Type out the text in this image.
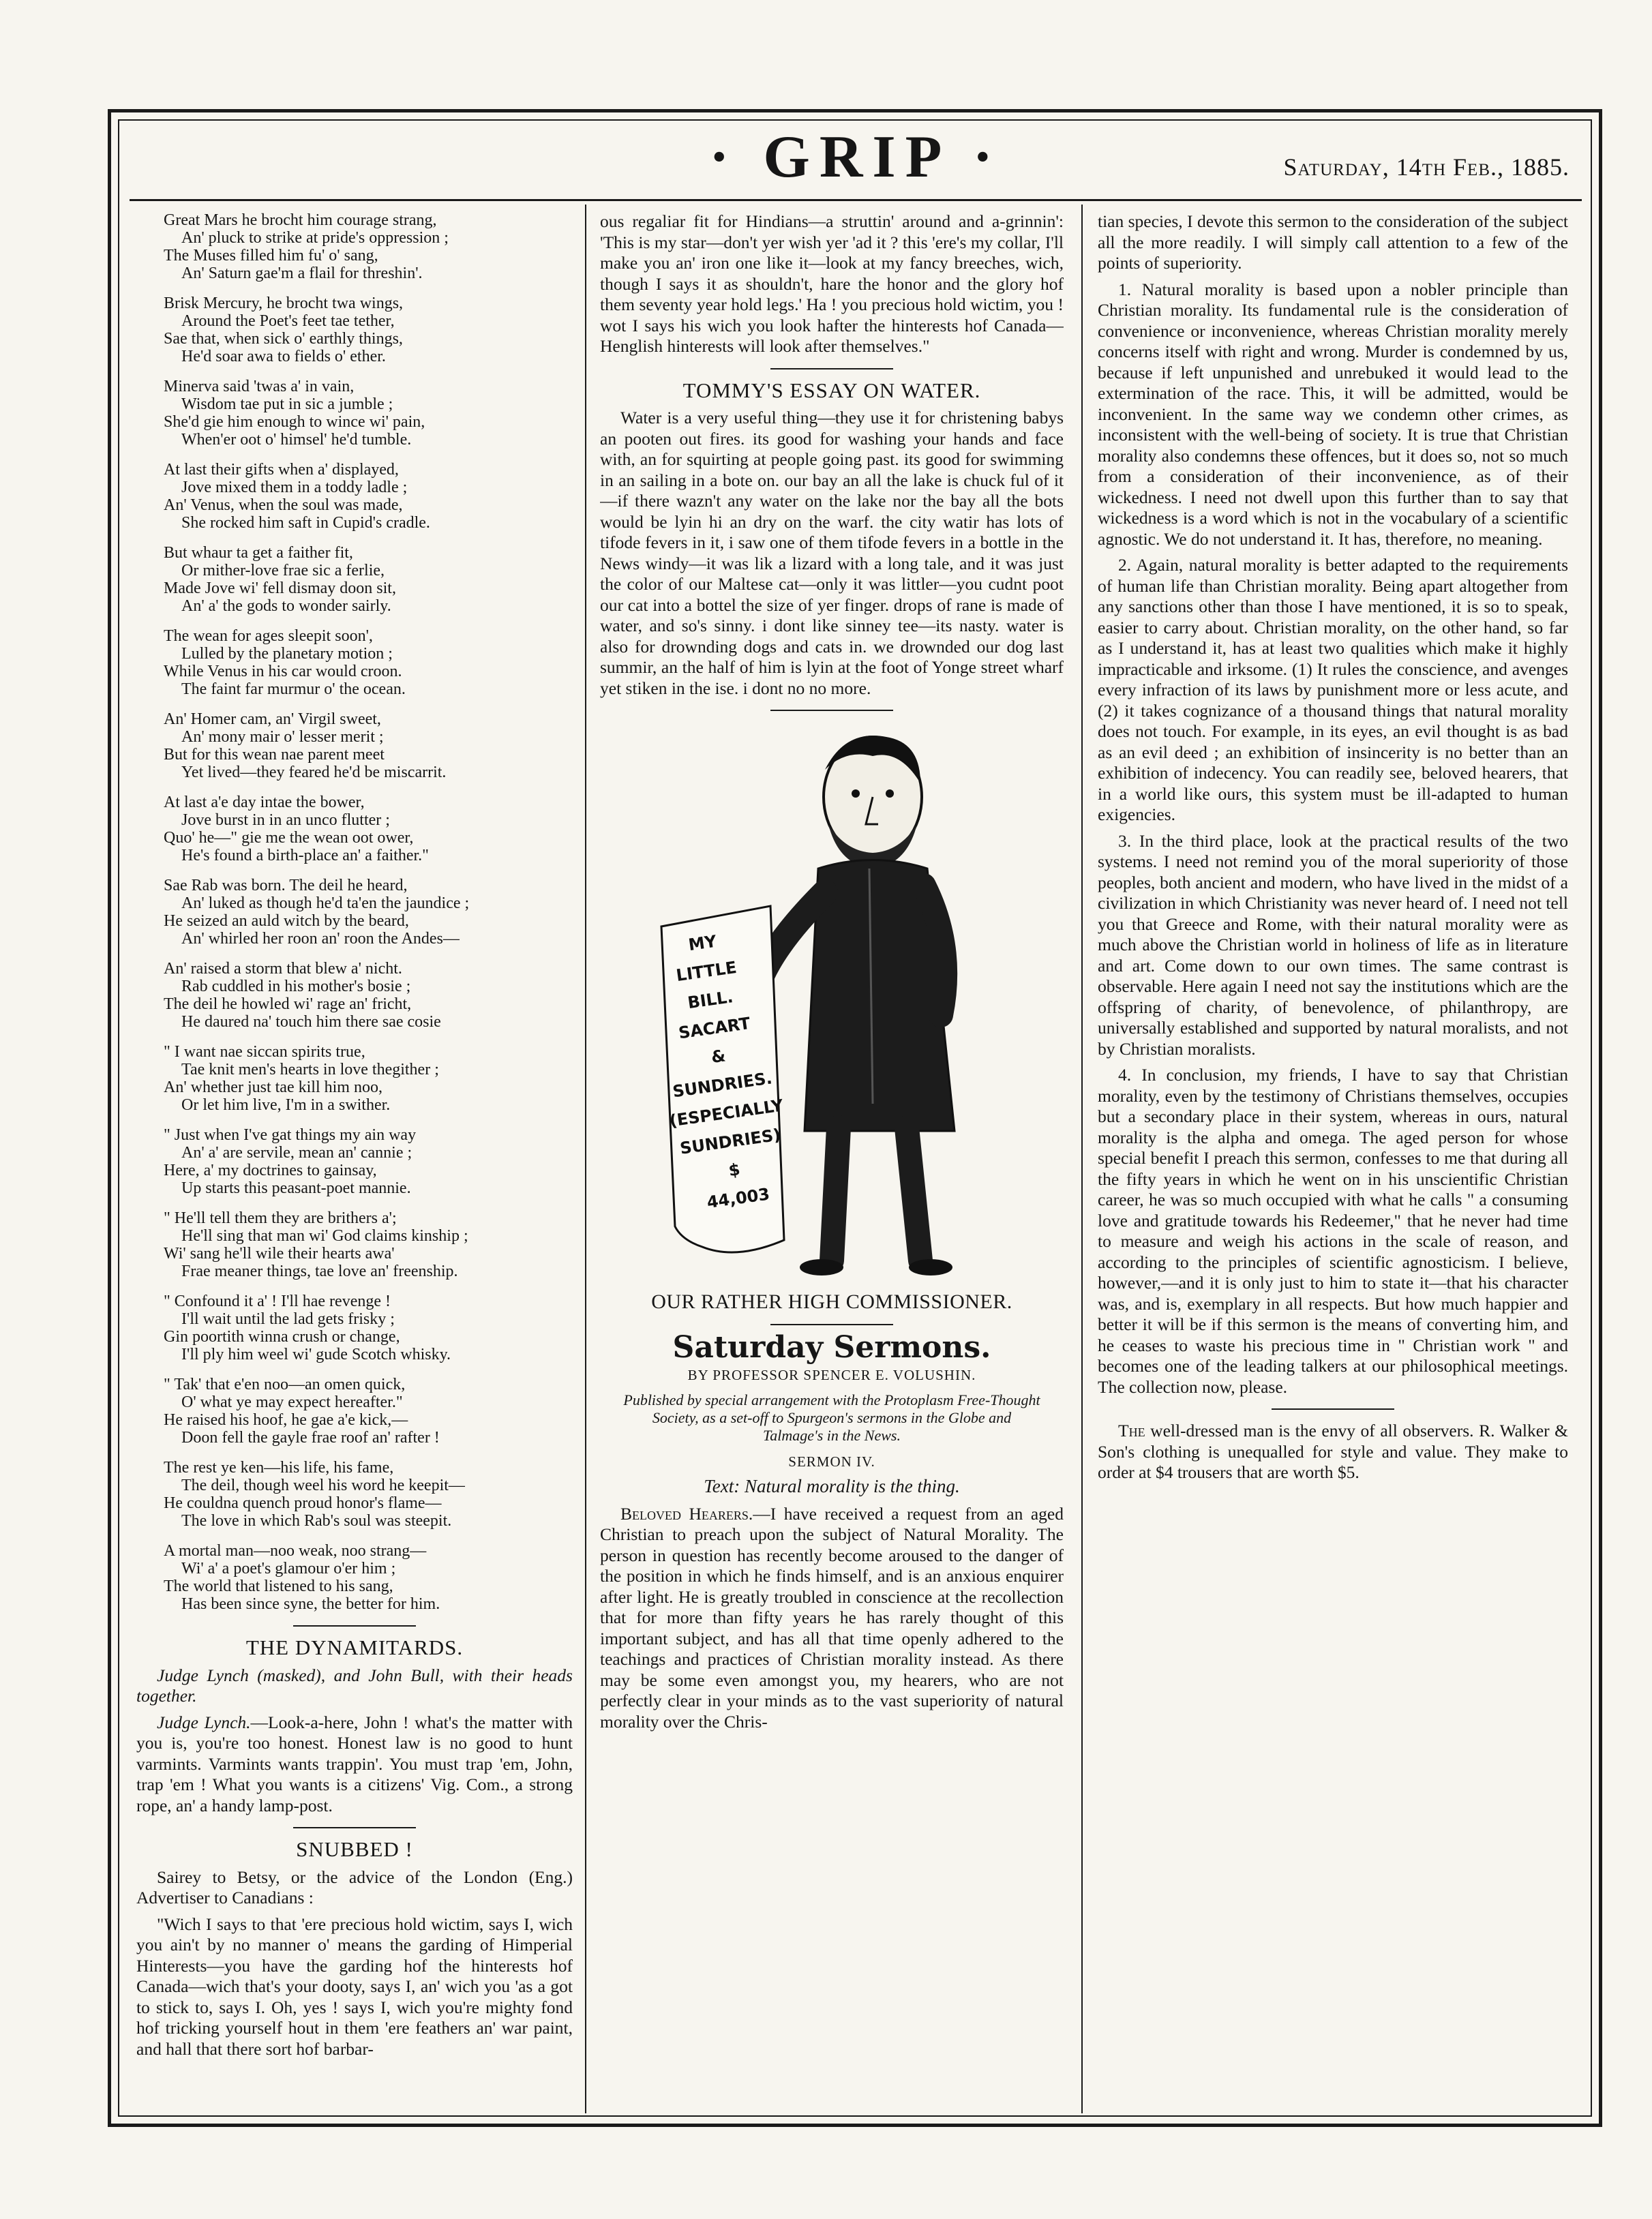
· GRIP ·	Saturday, 14th Feb., 1885.
Great Mars he brocht him courage strang,
An' pluck to strike at pride's oppression ;
The Muses filled him fu' o' sang,
An' Saturn gae'm a flail for threshin'.
Brisk Mercury, he brocht twa wings,
Around the Poet's feet tae tether,
Sae that, when sick o' earthly things,
He'd soar awa to fields o' ether.
Minerva said 'twas a' in vain,
Wisdom tae put in sic a jumble ;
She'd gie him enough to wince wi' pain,
When'er oot o' himsel' he'd tumble.
At last their gifts when a' displayed,
Jove mixed them in a toddy ladle ;
An' Venus, when the soul was made,
She rocked him saft in Cupid's cradle.
But whaur ta get a faither fit,
Or mither-love frae sic a ferlie,
Made Jove wi' fell dismay doon sit,
An' a' the gods to wonder sairly.
The wean for ages sleepit soon',
Lulled by the planetary motion ;
While Venus in his car would croon.
The faint far murmur o' the ocean.
An' Homer cam, an' Virgil sweet,
An' mony mair o' lesser merit ;
But for this wean nae parent meet
Yet lived—they feared he'd be miscarrit.
At last a'e day intae the bower,
Jove burst in in an unco flutter ;
Quo' he—" gie me the wean oot ower,
He's found a birth-place an' a faither."
Sae Rab was born. The deil he heard,
An' luked as though he'd ta'en the jaundice ;
He seized an auld witch by the beard,
An' whirled her roon an' roon the Andes—
An' raised a storm that blew a' nicht.
Rab cuddled in his mother's bosie ;
The deil he howled wi' rage an' fricht,
He daured na' touch him there sae cosie
" I want nae siccan spirits true,
Tae knit men's hearts in love thegither ;
An' whether just tae kill him noo,
Or let him live, I'm in a swither.
" Just when I've gat things my ain way
An' a' are servile, mean an' cannie ;
Here, a' my doctrines to gainsay,
Up starts this peasant-poet mannie.
" He'll tell them they are brithers a';
He'll sing that man wi' God claims kinship ;
Wi' sang he'll wile their hearts awa'
Frae meaner things, tae love an' freenship.
" Confound it a' ! I'll hae revenge !
I'll wait until the lad gets frisky ;
Gin poortith winna crush or change,
I'll ply him weel wi' gude Scotch whisky.
" Tak' that e'en noo—an omen quick,
O' what ye may expect hereafter."
He raised his hoof, he gae a'e kick,—
Doon fell the gayle frae roof an' rafter !
The rest ye ken—his life, his fame,
The deil, though weel his word he keepit—
He couldna quench proud honor's flame—
The love in which Rab's soul was steepit.
A mortal man—noo weak, noo strang—
Wi' a' a poet's glamour o'er him ;
The world that listened to his sang,
Has been since syne, the better for him.
THE DYNAMITARDS.

Judge Lynch (masked), and John Bull, with their heads together.

Judge Lynch.—Look-a-here, John ! what's the matter with you is, you're too honest. Honest law is no good to hunt varmints. Varmints wants trappin'. You must trap 'em, John, trap 'em ! What you wants is a citizens' Vig. Com., a strong rope, an' a handy lamp-post.

SNUBBED !

Sairey to Betsy, or the advice of the London (Eng.) Advertiser to Canadians :

"Wich I says to that 'ere precious hold wictim, says I, wich you ain't by no manner o' means the garding of Himperial Hinterests—you have the garding hof the hinterests hof Canada—wich that's your dooty, says I, an' wich you 'as a got to stick to, says I. Oh, yes ! says I, wich you're mighty fond hof tricking yourself hout in them 'ere feathers an' war paint, and hall that there sort hof barbar-

ous regaliar fit for Hindians—a struttin' around and a-grinnin': 'This is my star—don't yer wish yer 'ad it ? this 'ere's my collar, I'll make you an' iron one like it—look at my fancy breeches, wich, though I says it as shouldn't, hare the honor and the glory hof them seventy year hold legs.' Ha ! you precious hold wictim, you ! wot I says his wich you look hafter the hinterests hof Canada—Henglish hinterests will look after themselves."

TOMMY'S ESSAY ON WATER.

Water is a very useful thing—they use it for christening babys an pooten out fires. its good for washing your hands and face with, an for squirting at people going past. its good for swimming in an sailing in a bote on. our bay an all the lake is chuck ful of it—if there wazn't any water on the lake nor the bay all the bots would be lyin hi an dry on the warf. the city watir has lots of tifode fevers in it, i saw one of them tifode fevers in a bottle in the News windy—it was lik a lizard with a long tale, and it was just the color of our Maltese cat—only it was littler—you cudnt poot our cat into a bottel the size of yer finger. drops of rane is made of water, and so's sinny. i dont like sinney tee—its nasty. water is also for drownding dogs and cats in. we drownded our dog last summir, an the half of him is lyin at the foot of Yonge street wharf yet stiken in the ise. i dont no no more.

MY
LITTLE
BILL.
SACART
&
SUNDRIES.
(ESPECIALLY
SUNDRIES)
$
44,003
OUR RATHER HIGH COMMISSIONER.
Saturday Sermons.
BY PROFESSOR SPENCER E. VOLUSHIN.
Published by special arrangement with the Protoplasm Free-Thought Society, as a set-off to Spurgeon's sermons in the Globe and Talmage's in the News.
SERMON IV.
Text: Natural morality is the thing.

Beloved Hearers.—I have received a request from an aged Christian to preach upon the subject of Natural Morality. The person in question has recently become aroused to the danger of the position in which he finds himself, and is an anxious enquirer after light. He is greatly troubled in conscience at the recollection that for more than fifty years he has rarely thought of this important subject, and has all that time openly adhered to the teachings and practices of Christian morality instead. As there may be some even amongst you, my hearers, who are not perfectly clear in your minds as to the vast superiority of natural morality over the Chris-

tian species, I devote this sermon to the consideration of the subject all the more readily. I will simply call attention to a few of the points of superiority.

1. Natural morality is based upon a nobler principle than Christian morality. Its fundamental rule is the consideration of convenience or inconvenience, whereas Christian morality merely concerns itself with right and wrong. Murder is condemned by us, because if left unpunished and unrebuked it would lead to the extermination of the race. This, it will be admitted, would be inconvenient. In the same way we condemn other crimes, as inconsistent with the well-being of society. It is true that Christian morality also condemns these offences, but it does so, not so much from a consideration of their inconvenience, as of their wickedness. I need not dwell upon this further than to say that wickedness is a word which is not in the vocabulary of a scientific agnostic. We do not understand it. It has, therefore, no meaning.

2. Again, natural morality is better adapted to the requirements of human life than Christian morality. Being apart altogether from any sanctions other than those I have mentioned, it is so to speak, easier to carry about. Christian morality, on the other hand, so far as I understand it, has at least two qualities which make it highly impracticable and irksome. (1) It rules the conscience, and avenges every infraction of its laws by punishment more or less acute, and (2) it takes cognizance of a thousand things that natural morality does not touch. For example, in its eyes, an evil thought is as bad as an evil deed ; an exhibition of insincerity is no better than an exhibition of indecency. You can readily see, beloved hearers, that in a world like ours, this system must be ill-adapted to human exigencies.

3. In the third place, look at the practical results of the two systems. I need not remind you of the moral superiority of those peoples, both ancient and modern, who have lived in the midst of a civilization in which Christianity was never heard of. I need not tell you that Greece and Rome, with their natural morality were as much above the Christian world in holiness of life as in literature and art. Come down to our own times. The same contrast is observable. Here again I need not say the institutions which are the offspring of charity, of benevolence, of philanthropy, are universally established and supported by natural moralists, and not by Christian moralists.

4. In conclusion, my friends, I have to say that Christian morality, even by the testimony of Christians themselves, occupies but a secondary place in their system, whereas in ours, natural morality is the alpha and omega. The aged person for whose special benefit I preach this sermon, confesses to me that during all the fifty years in which he went on in his unscientific Christian career, he was so much occupied with what he calls " a consuming love and gratitude towards his Redeemer," that he never had time to measure and weigh his actions in the scale of reason, and according to the principles of scientific agnosticism. I believe, however,—and it is only just to him to state it—that his character was, and is, exemplary in all respects. But how much happier and better it will be if this sermon is the means of converting him, and he ceases to waste his precious time in " Christian work " and becomes one of the leading talkers at our philosophical meetings. The collection now, please.

The well-dressed man is the envy of all observers. R. Walker & Son's clothing is unequalled for style and value. They make to order at $4 trousers that are worth $5.
